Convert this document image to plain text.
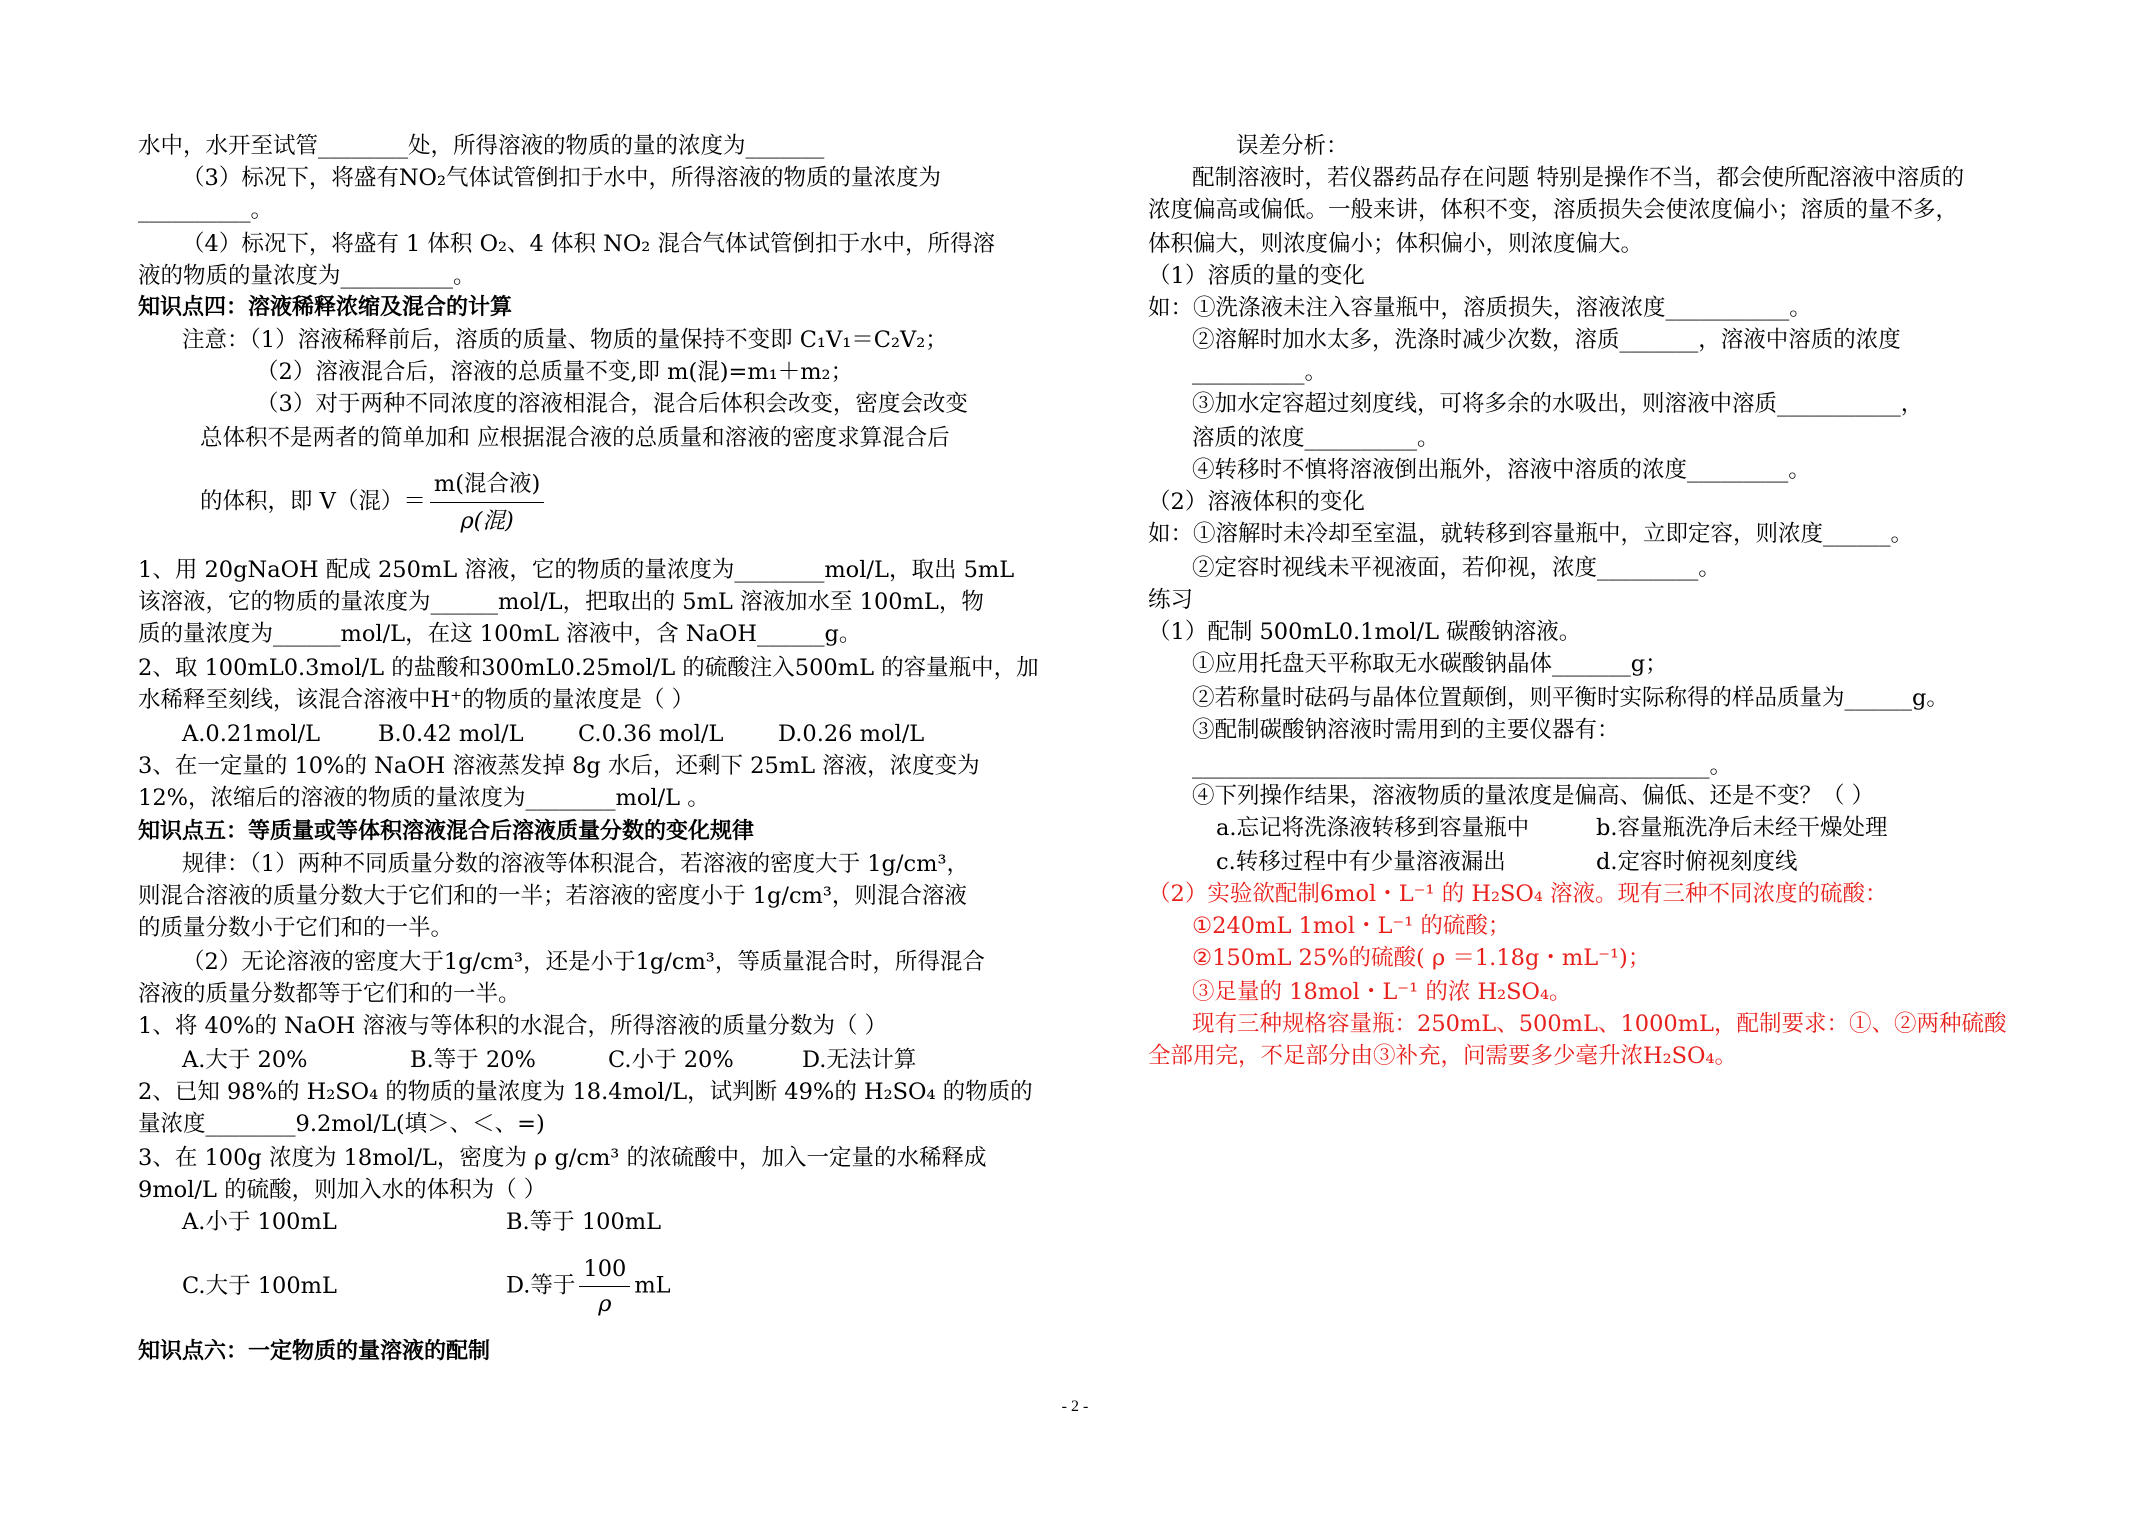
水中，水开至试管________处，所得溶液的物质的量的浓度为_______
（3）标况下，将盛有NO₂气体试管倒扣于水中，所得溶液的物质的量浓度为
__________。
（4）标况下，将盛有 1 体积 O₂、4 体积 NO₂ 混合气体试管倒扣于水中，所得溶
液的物质的量浓度为__________。
知识点四：溶液稀释浓缩及混合的计算
注意：（1）溶液稀释前后，溶质的质量、物质的量保持不变即 C₁V₁＝C₂V₂；
（2）溶液混合后，溶液的总质量不变,即 m(混)=m₁＋m₂；
（3）对于两种不同浓度的溶液相混合，混合后体积会改变，密度会改变
总体积不是两者的简单加和 应根据混合液的总质量和溶液的密度求算混合后
的体积，即 V（混）＝ $\frac{\text{m(混合液)}}{\text{ρ(混)}}$
1、用 20gNaOH 配成 250mL 溶液，它的物质的量浓度为________mol/L，取出 5mL
该溶液，它的物质的量浓度为______mol/L，把取出的 5mL 溶液加水至 100mL，物
质的量浓度为______mol/L，在这 100mL 溶液中，含 NaOH______g。
2、取 100mL0.3mol/L 的盐酸和300mL0.25mol/L 的硫酸注入500mL 的容量瓶中，加
水稀释至刻线，该混合溶液中H⁺的物质的量浓度是（ ）
A.0.21mol/L	B.0.42 mol/L C.0.36 mol/L D.0.26 mol/L
3、在一定量的 10%的 NaOH 溶液蒸发掉 8g 水后，还剩下 25mL 溶液，浓度变为
12%，浓缩后的溶液的物质的量浓度为________mol/L 。
知识点五：等质量或等体积溶液混合后溶液质量分数的变化规律
规律：（1）两种不同质量分数的溶液等体积混合，若溶液的密度大于 1g/cm³，
则混合溶液的质量分数大于它们和的一半；若溶液的密度小于 1g/cm³，则混合溶液
的质量分数小于它们和的一半。
（2）无论溶液的密度大于1g/cm³，还是小于1g/cm³，等质量混合时，所得混合
溶液的质量分数都等于它们和的一半。
1、将 40%的 NaOH 溶液与等体积的水混合，所得溶液的质量分数为（ ）
A.大于 20%	B.等于 20%	C.小于 20%	D.无法计算
2、已知 98%的 H₂SO₄ 的物质的量浓度为 18.4mol/L，试判断 49%的 H₂SO₄ 的物质的
量浓度________9.2mol/L(填＞、＜、=)
3、在 100g 浓度为 18mol/L，密度为 ρ g/cm³ 的浓硫酸中，加入一定量的水稀释成
9mol/L 的硫酸，则加入水的体积为（ ）
A.小于 100mL	B.等于 100mL
C.大于 100mL	D.等于 $\frac{100}{\rho}$ mL
知识点六：一定物质的量溶液的配制
误差分析：
配制溶液时，若仪器药品存在问题 特别是操作不当，都会使所配溶液中溶质的
浓度偏高或偏低。一般来讲，体积不变，溶质损失会使浓度偏小；溶质的量不多，
体积偏大，则浓度偏小；体积偏小，则浓度偏大。
（1）溶质的量的变化
如：①洗涤液未注入容量瓶中，溶质损失，溶液浓度___________。
②溶解时加水太多，洗涤时减少次数，溶质_______，溶液中溶质的浓度
__________。
③加水定容超过刻度线，可将多余的水吸出，则溶液中溶质___________，
溶质的浓度__________。
④转移时不慎将溶液倒出瓶外，溶液中溶质的浓度_________。
（2）溶液体积的变化
如：①溶解时未冷却至室温，就转移到容量瓶中，立即定容，则浓度______。
②定容时视线未平视液面，若仰视，浓度_________。
练习
（1）配制 500mL0.1mol/L 碳酸钠溶液。
①应用托盘天平称取无水碳酸钠晶体_______g；
②若称量时砝码与晶体位置颠倒，则平衡时实际称得的样品质量为______g。
③配制碳酸钠溶液时需用到的主要仪器有：
______________________________________________。
④下列操作结果，溶液物质的量浓度是偏高、偏低、还是不变？（ ）
a.忘记将洗涤液转移到容量瓶中	b.容量瓶洗净后未经干燥处理
c.转移过程中有少量溶液漏出	d.定容时俯视刻度线
（2）实验欲配制6mol・L⁻¹ 的 H₂SO₄ 溶液。现有三种不同浓度的硫酸：
①240mL 1mol・L⁻¹ 的硫酸；
②150mL 25%的硫酸( ρ ＝1.18g・mL⁻¹)；
③足量的 18mol・L⁻¹ 的浓 H₂SO₄。
现有三种规格容量瓶：250mL、500mL、1000mL，配制要求：①、②两种硫酸
全部用完，不足部分由③补充，问需要多少毫升浓H₂SO₄。
- 2 -
